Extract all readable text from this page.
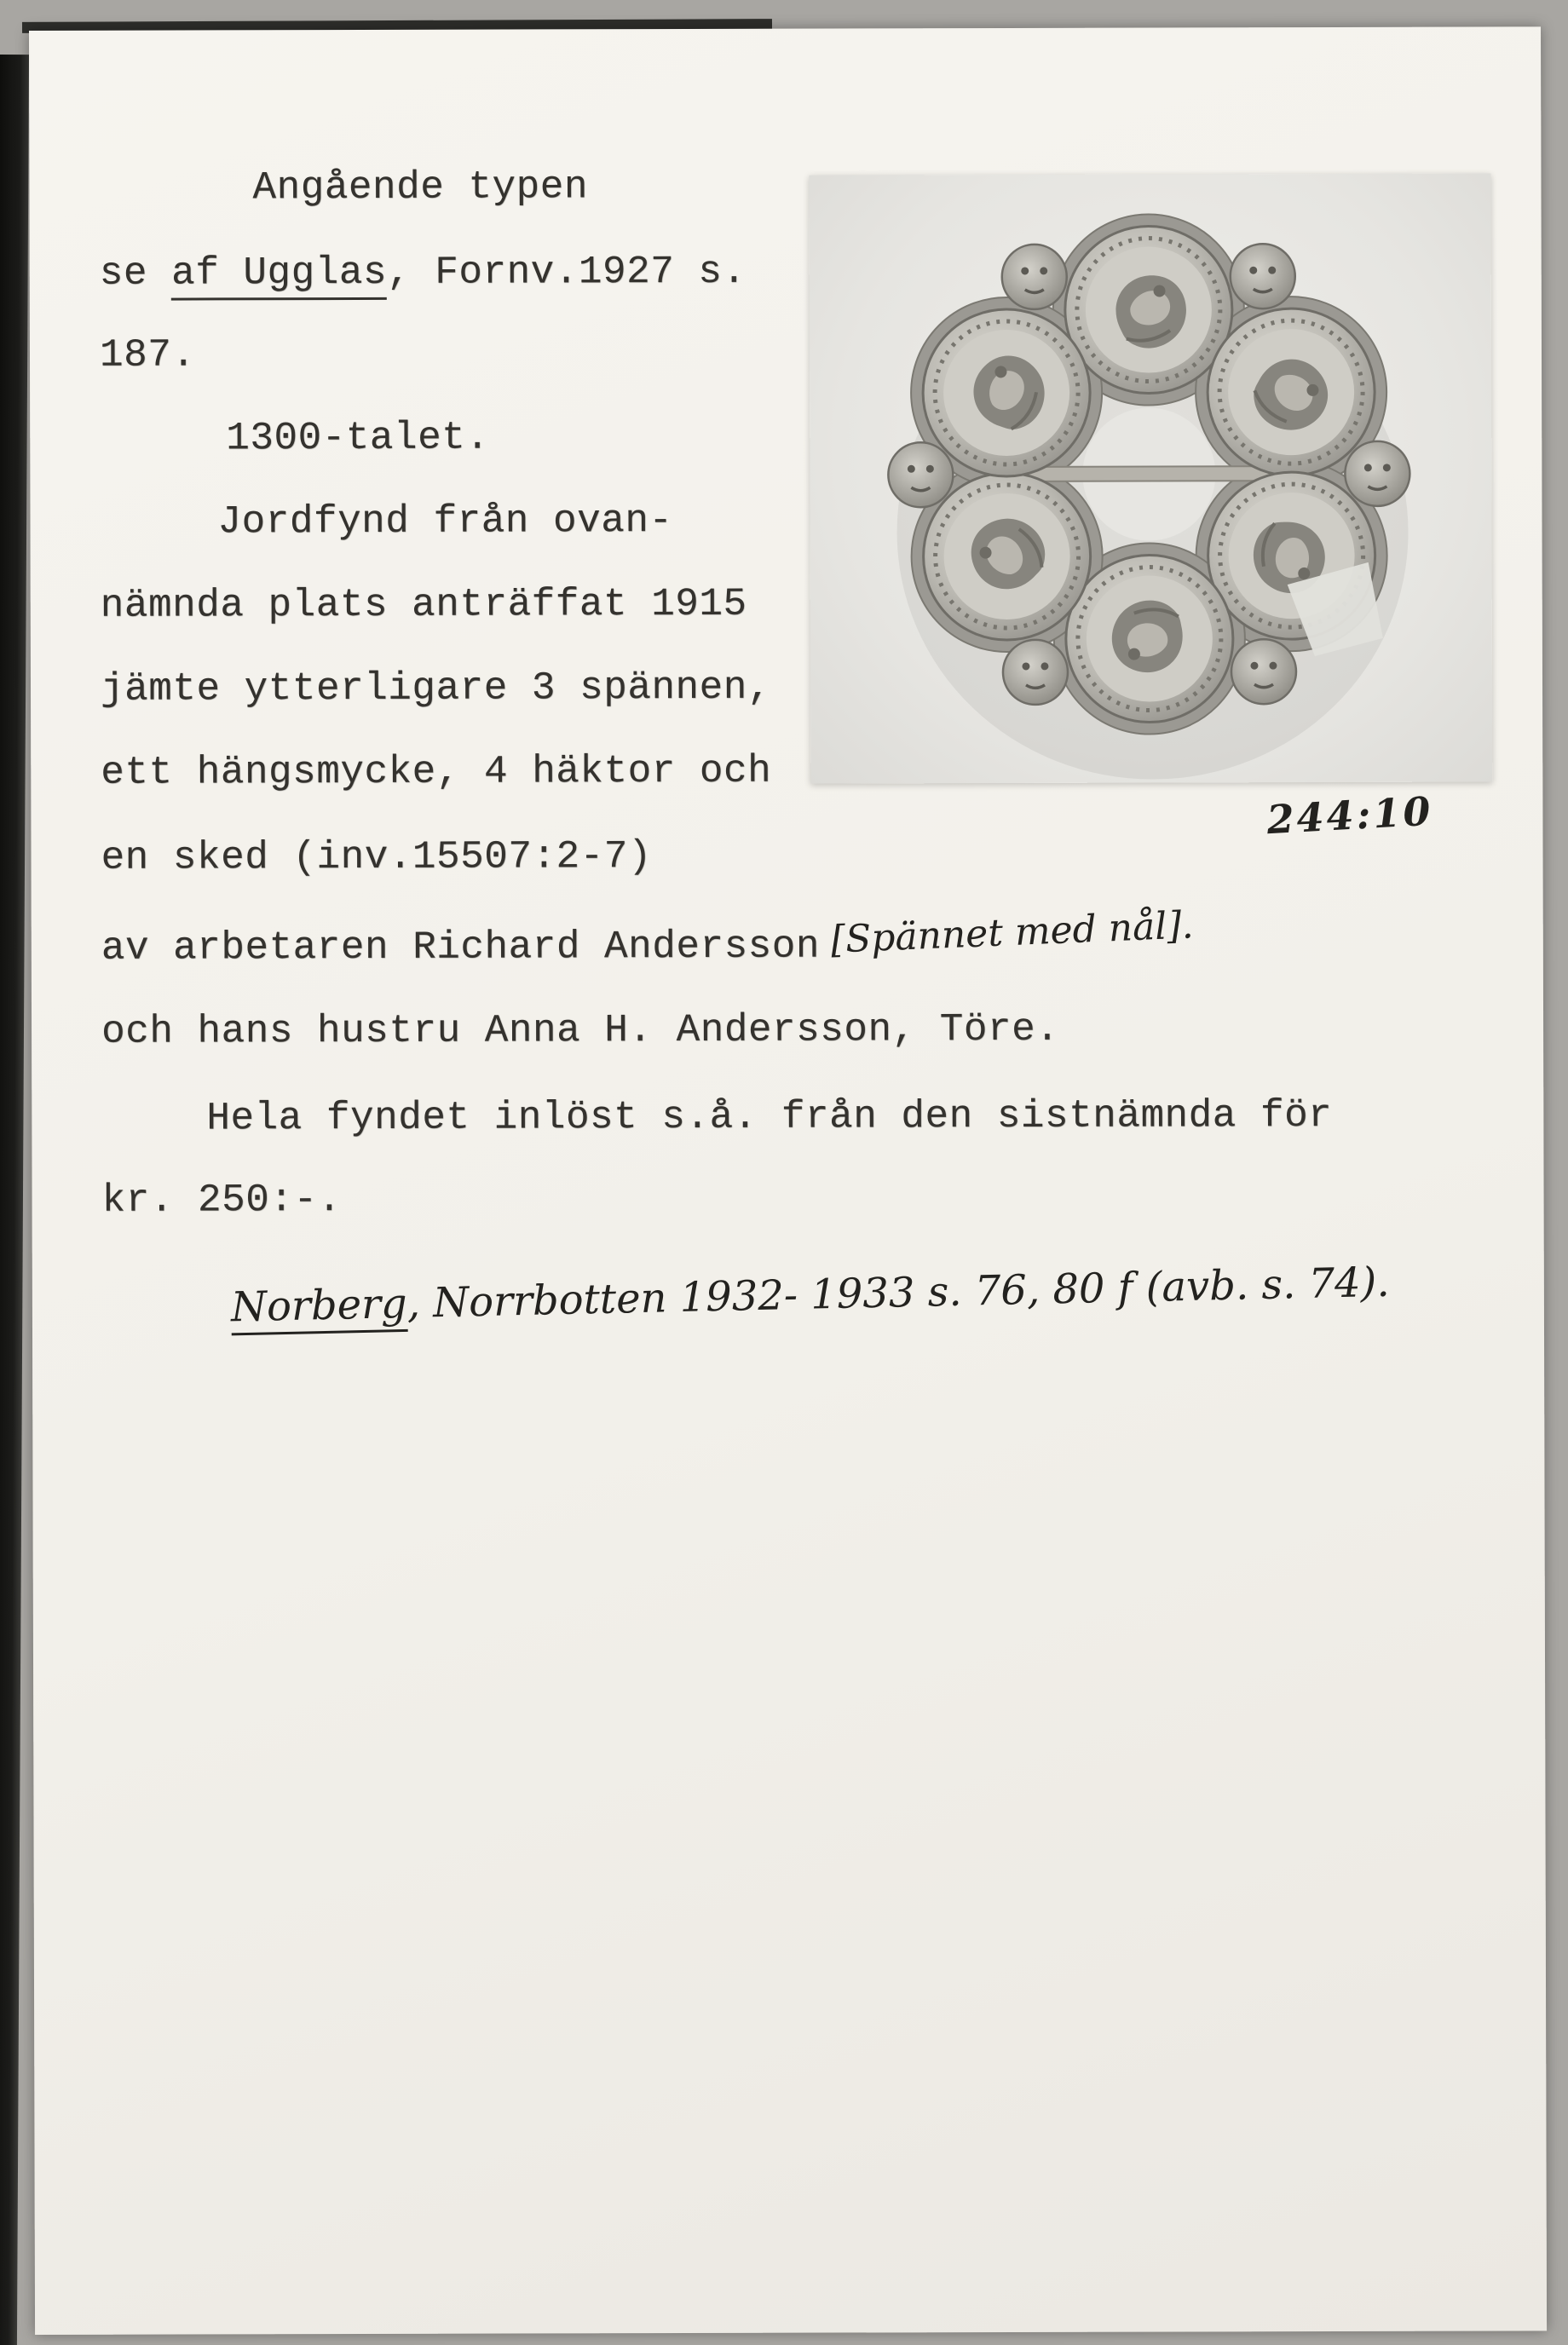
Angående typen
se af Ugglas, Fornv.1927 s.
187.
1300-talet.
Jordfynd från ovan-
nämnda plats anträffat 1915
jämte ytterligare 3 spännen,
ett hängsmycke, 4 häktor och
en sked (inv.15507:2-7)
av arbetaren Richard Andersson
och hans hustru Anna H. Andersson, Töre.
Hela fyndet inlöst s.å. från den sistnämnda för
kr. 250:-.
244:10
[Spännet med nål].
Norberg, Norrbotten 1932- 1933 s. 76, 80 f (avb. s. 74).
